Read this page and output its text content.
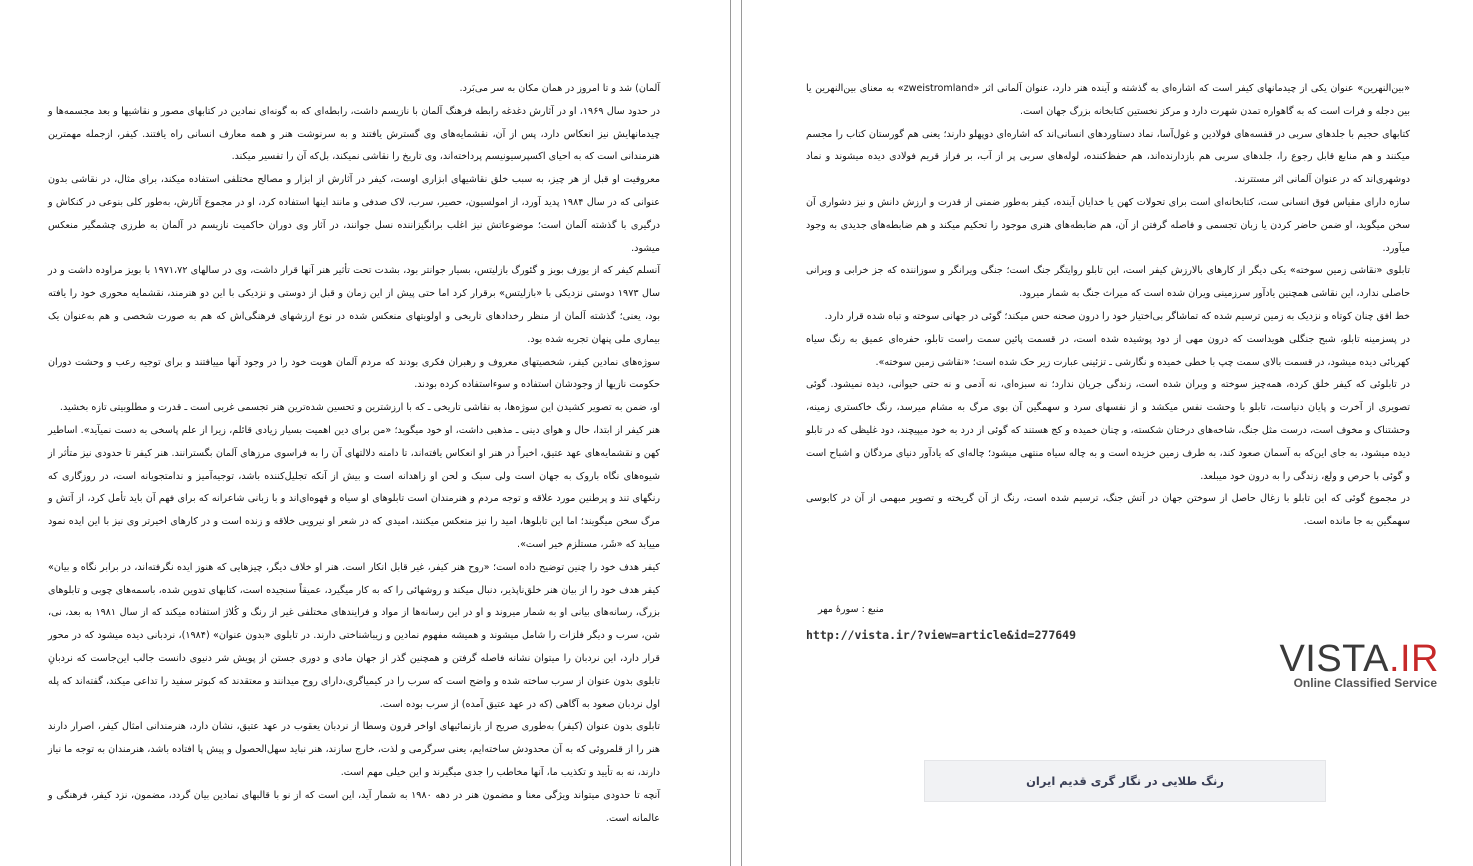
آلمان) شد و تا امروز در همان مکان به سر می‌بَرد.

در حدود سال ۱۹۶۹، او در آثارش دغدغه رابطه فرهنگ آلمان با نازیسم داشت، رابطه‌ای که به گونه‌ای نمادین در کتابهای مصور و نقاشیها و بعد مجسمه‌ها و چیدمانهایش نیز انعکاس دارد، پس از آن، نقشمایه‌های وی گسترش یافتند و به سرنوشت هنر و همه معارف انسانی راه یافتند. کیفر، ازجمله مهمترین هنرمندانی است که به احیای اکسپرسیونیسم پرداخته‌اند، وی تاریخ را نقاشی نمیکند، بل‌که آن را تفسیر میکند.

معروفیت او قبل از هر چیز، به سبب خلق نقاشیهای ابزاری اوست، کیفر در آثارش از ابزار و مصالح مختلفی استفاده میکند، برای مثال، در نقاشی بدون عنوانی که در سال ۱۹۸۴ پدید آورد، از امولسیون، حصیر، سرب، لاک صدفی و مانند اینها استفاده کرد، او در مجموع آثارش، به‌طور کلی بنوعی در کنکاش و درگیری با گذشته آلمان است؛ موضوعاتش نیز اغلب برانگیزاننده نسل جوانند، در آثار وی دوران حاکمیت نازیسم در آلمان به طرزی چشمگیر منعکس میشود.

آنسلم کیفر که از یوزف بویز و گئورگ بازلیتس، بسیار جوانتر بود، بشدت تحت تأثیر هنر آنها قرار داشت، وی در سالهای ۱۹۷۱،۷۲ با بویز مراوده داشت و در سال ۱۹۷۳ دوستی نزدیکی با «بازلیتس» برقرار کرد اما حتی پیش از این زمان و قبل از دوستی و نزدیکی با این دو هنرمند، نقشمایه محوری خود را یافته بود، یعنی؛ گذشته آلمان از منظر رخدادهای تاریخی و اولویتهای منعکس شده در نوع ارزشهای فرهنگی‌اش که هم به صورت شخصی و هم به‌عنوان یک بیماری ملی پنهان تجربه شده بود.

سوژه‌های نمادین کیفر، شخصیتهای معروف و رهبران فکری بودند که مردم آلمان هویت خود را در وجود آنها مییافتند و برای توجیه رعب و وحشت دوران حکومت نازیها از وجودشان استفاده و سوءاستفاده کرده بودند.

او، ضمن به تصویر کشیدن این سوژه‌ها، به نقاشی تاریخی ـ که با ارزشترین و تحسین شده‌ترین هنر تجسمی غربی است ـ قدرت و مطلوبیتی تازه بخشید.

هنر کیفر از ابتدا، حال و هوای دینی ـ مذهبی داشت، او خود میگوید؛ «من برای دین اهمیت بسیار زیادی قائلم، زیرا از علم پاسخی به دست نمیآید». اساطیر کهن و نقشمایه‌های عهد عتیق، اخیراً در هنر او انعکاس یافته‌اند، تا دامنه دلالتهای آن را به فراسوی مرزهای آلمان بگسترانند. هنر کیفر تا حدودی نیز متأثر از شیوه‌های نگاه باروک به جهان است ولی سبک و لحن او زاهدانه است و بیش از آنکه تجلیل‌کننده باشد، توجیه‌آمیز و ندامتجویانه است، در روزگاری که رنگهای تند و پرطنین مورد علاقه و توجه مردم و هنرمندان است تابلوهای او سیاه و قهوه‌ای‌اند و با زبانی شاعرانه که برای فهم آن باید تأمل کرد، از آتش و مرگ سخن میگویند؛ اما این تابلوها، امید را نیز منعکس میکنند، امیدی که در شعر او نیرویی خلاقه و زنده است و در کارهای اخیرتر وی نیز با این ایده نمود مییابد که «شَر، مستلزم خیر است».

کیفر هدف خود را چنین توضیح داده است؛ «روح هنر کیفر، غیر قابل انکار است. هنر او خلاف دیگر، چیزهایی که هنوز ایده نگرفته‌اند، در برابر نگاه و بیان» کیفر هدف خود را از بیان هنر خلق‌ناپذیر، دنبال میکند و روشهائی را که به کار میگیرد، عمیقاً سنجیده است، کتابهای تدوین شده، باسمه‌های چوبی و تابلوهای بزرگ، رسانه‌های بیانی او به شمار میروند و او در این رسانه‌ها از مواد و فرایندهای مختلفی غیر از رنگ و کُلاژ استفاده میکند که از سال ۱۹۸۱ به بعد، نی، شن، سرب و دیگر فلزات را شامل میشوند و همیشه مفهوم نمادین و زیباشناختی دارند. در تابلوی «بدون عنوان» (۱۹۸۴)، نردبانی دیده میشود که در محور قرار دارد، این نردبان را میتوان نشانه فاصله گرفتن و همچنین گذر از جهان مادی و دوری جستن از پویش شر دنیوی دانست جالب این‌جاست که نردبانِ تابلوی بدون عنوان از سرب ساخته شده و واضح است که سرب را در کیمیاگری،دارای روح میدانند و معتقدند که کبوتر سفید را تداعی میکند، گفته‌اند که پله اول نردبان صعود به آگاهی (که در عهد عتیق آمده) از سرب بوده است.

تابلوی بدون عنوان (کیفر) به‌طوری صریح از بازنمائیهای اواخر قرون وسطا از نردبان یعقوب در عهد عتیق، نشان دارد، هنرمندانی امثال کیفر، اصرار دارند هنر را از قلمروئی که به آن محدودش ساخته‌ایم، یعنی سرگرمی و لذت، خارج سازند، هنر نباید سهل‌الحصول و پیش پا افتاده باشد، هنرمندان به توجه ما نیاز دارند، نه به تأیید و تکذیب ما، آنها مخاطب را جدی میگیرند و این خیلی مهم است.

آنچه تا حدودی میتواند ویژگی معنا و مضمون هنر در دهه ۱۹۸۰ به شمار آید، این است که از نو با قالبهای نمادین بیان گردد، مضمون، نزد کیفر، فرهنگی و عالمانه است.

«بین‌النهرین» عنوان یکی از چیدمانهای کیفر است که اشاره‌ای به گذشته و آینده هنر دارد، عنوان آلمانی اثر «zweistromland» به معنای بین‌النهرین یا بین دجله و فرات است که به گاهواره تمدن شهرت دارد و مرکز نخستین کتابخانه بزرگ جهان است.

کتابهای حجیم با جلدهای سربی در قفسه‌های فولادین و غول‌آسا، نماد دستاوردهای انسانی‌اند که اشاره‌ای دوپهلو دارند؛ یعنی هم گورستان کتاب را مجسم میکنند و هم منابع قابل رجوع را، جلدهای سربی هم بازدارنده‌اند، هم حفظ‌کننده، لوله‌های سربی پر از آب، بر فراز قریم فولادی دیده میشوند و نماد دوشهری‌اند که در عنوان آلمانی اثر مستترند.

سازه دارای مقیاس فوق انسانی ست، کتابخانه‌ای است برای تحولات کهن یا خدایان آینده، کیفر به‌طور ضمنی از قدرت و ارزش دانش و نیز دشواری آن سخن میگوید، او ضمن حاضر کردن یا زبان تجسمی و فاصله گرفتن از آن، هم ضابطه‌های هنری موجود را تحکیم میکند و هم ضابطه‌های جدیدی به وجود میآورد.

تابلوی «نقاشی زمین سوخته» یکی دیگر از کارهای بالارزش کیفر است، این تابلو روایتگر جنگ است؛ جنگی ویرانگر و سوزاننده که جز خرابی و ویرانی حاصلی ندارد، این نقاشی همچنین یادآور سرزمینی ویران شده است که میراث جنگ به شمار میرود.

خط افق چنان کوتاه و نزدیک به زمین ترسیم شده که تماشاگر بی‌اختیار خود را درون صحنه حس میکند؛ گوئی در جهانی سوخته و تباه شده قرار دارد.

در پسزمینه تابلو، شبح جنگلی هویداست که درون مهی از دود پوشیده شده است، در قسمت پائین سمت راست تابلو، حفره‌ای عمیق به رنگ سیاه کهربائی دیده میشود، در قسمت بالای سمت چپ با خطی خمیده و نگارشی ـ تزئینی عبارت زیر حک شده است؛ «نقاشی زمین سوخته».

در تابلوئی که کیفر خلق کرده، همه‌چیز سوخته و ویران شده است، زندگی جریان ندارد؛ نه سبزه‌ای، نه آدمی و نه حتی حیوانی، دیده نمیشود. گوئی تصویری از آخرت و پایان دنیاست، تابلو با وحشت نفس میکشد و از نفسهای سرد و سهمگین آن بوی مرگ به مشام میرسد، رنگ خاکستری زمینه، وحشتناک و مخوف است، درست مثل جنگ، شاخه‌های درختان شکسته، و چنان خمیده و کج هستند که گوئی از درد به خود میپیچند، دود غلیظی که در تابلو دیده میشود، به جای این‌که به آسمان صعود کند، به طرف زمین خزیده است و به چاله سیاه منتهی میشود؛ چاله‌ای که یادآور دنیای مردگان و اشباح است و گوئی با حرص و ولع، زندگی را به درون خود میبلعد.

در مجموع گوئی که این تابلو با زغال حاصل از سوختن جهان در آتش جنگ، ترسیم شده است، رنگ از آن گریخته و تصویر مبهمی از آن در کابوسی سهمگین به جا مانده است.

منبع : سورهٔ مهر
http://vista.ir/?view=article&id=277649
VISTA.IR
Online Classified Service
رنگ طلایی در نگار گری قدیم ایران
